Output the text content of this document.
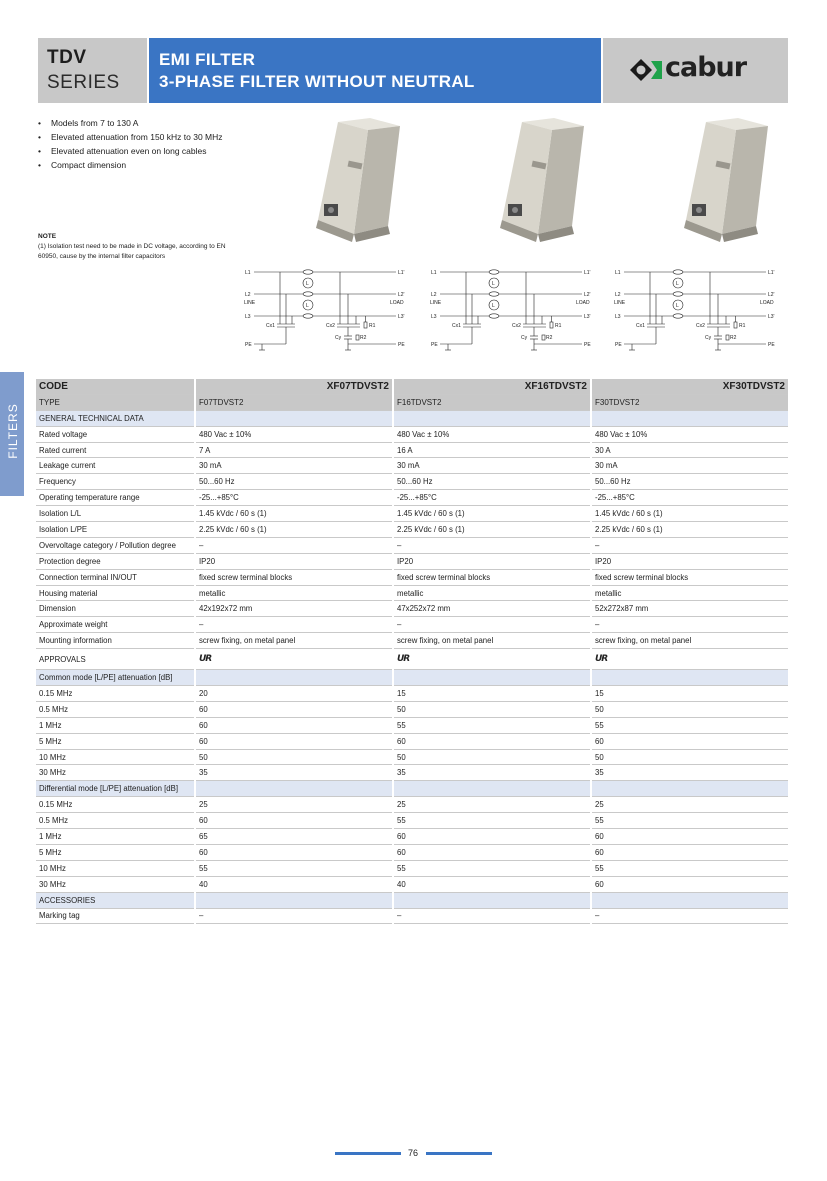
TDV
SERIES
EMI FILTER
3-PHASE FILTER WITHOUT NEUTRAL	cabur
FILTERS
• Models from 7 to 130 A
• Elevated attenuation from 150 kHz to 30 MHz
• Elevated attenuation even on long cables
• Compact dimension
NOTE
(1) Isolation test need to be made in DC voltage, according to EN 60950, cause by the internal filter capacitors
L1
L2
L3
L1'
L2'
L3'
LINE	LOAD
L
L
Cx1	Cx2	R1
Cy	R2
PE	PE
L1
L2
L3
L1'
L2'
L3'
LINE	LOAD
L
L
Cx1	Cx2	R1
Cy	R2
PE	PE
L1
L2
L3
L1'
L2'
L3'
LINE	LOAD
L
L
Cx1	Cx2	R1
Cy	R2
PE	PE
CODE		XF07TDVST2		XF16TDVST2		XF30TDVST2
TYPE		F07TDVST2		F16TDVST2		F30TDVST2
GENERAL TECHNICAL DATA						
Rated voltage		480 Vac ± 10%		480 Vac ± 10%		480 Vac ± 10%
Rated current		7 A		16 A		30 A
Leakage current		30 mA		30 mA		30 mA
Frequency		50...60 Hz		50...60 Hz		50...60 Hz
Operating temperature range		-25...+85°C		-25...+85°C		-25...+85°C
Isolation L/L		1.45 kVdc / 60 s (1)		1.45 kVdc / 60 s (1)		1.45 kVdc / 60 s (1)
Isolation L/PE		2.25 kVdc / 60 s (1)		2.25 kVdc / 60 s (1)		2.25 kVdc / 60 s (1)
Overvoltage category / Pollution degree		–		–		–
Protection degree		IP20		IP20		IP20
Connection terminal IN/OUT		fixed screw terminal blocks		fixed screw terminal blocks		fixed screw terminal blocks
Housing material		metallic		metallic		metallic
Dimension		42x192x72 mm		47x252x72 mm		52x272x87 mm
Approximate weight		–		–		–
Mounting information		screw fixing, on metal panel		screw fixing, on metal panel		screw fixing, on metal panel
APPROVALS		UR		UR		UR
Common mode [L/PE] attenuation [dB]						
0.15 MHz		20		15		15
0.5 MHz		60		50		50
1 MHz		60		55		55
5 MHz		60		60		60
10 MHz		50		50		50
30 MHz		35		35		35
Differential mode [L/PE] attenuation [dB]						
0.15 MHz		25		25		25
0.5 MHz		60		55		55
1 MHz		65		60		60
5 MHz		60		60		60
10 MHz		55		55		55
30 MHz		40		40		60
ACCESSORIES						
Marking tag		–		–		–
76
